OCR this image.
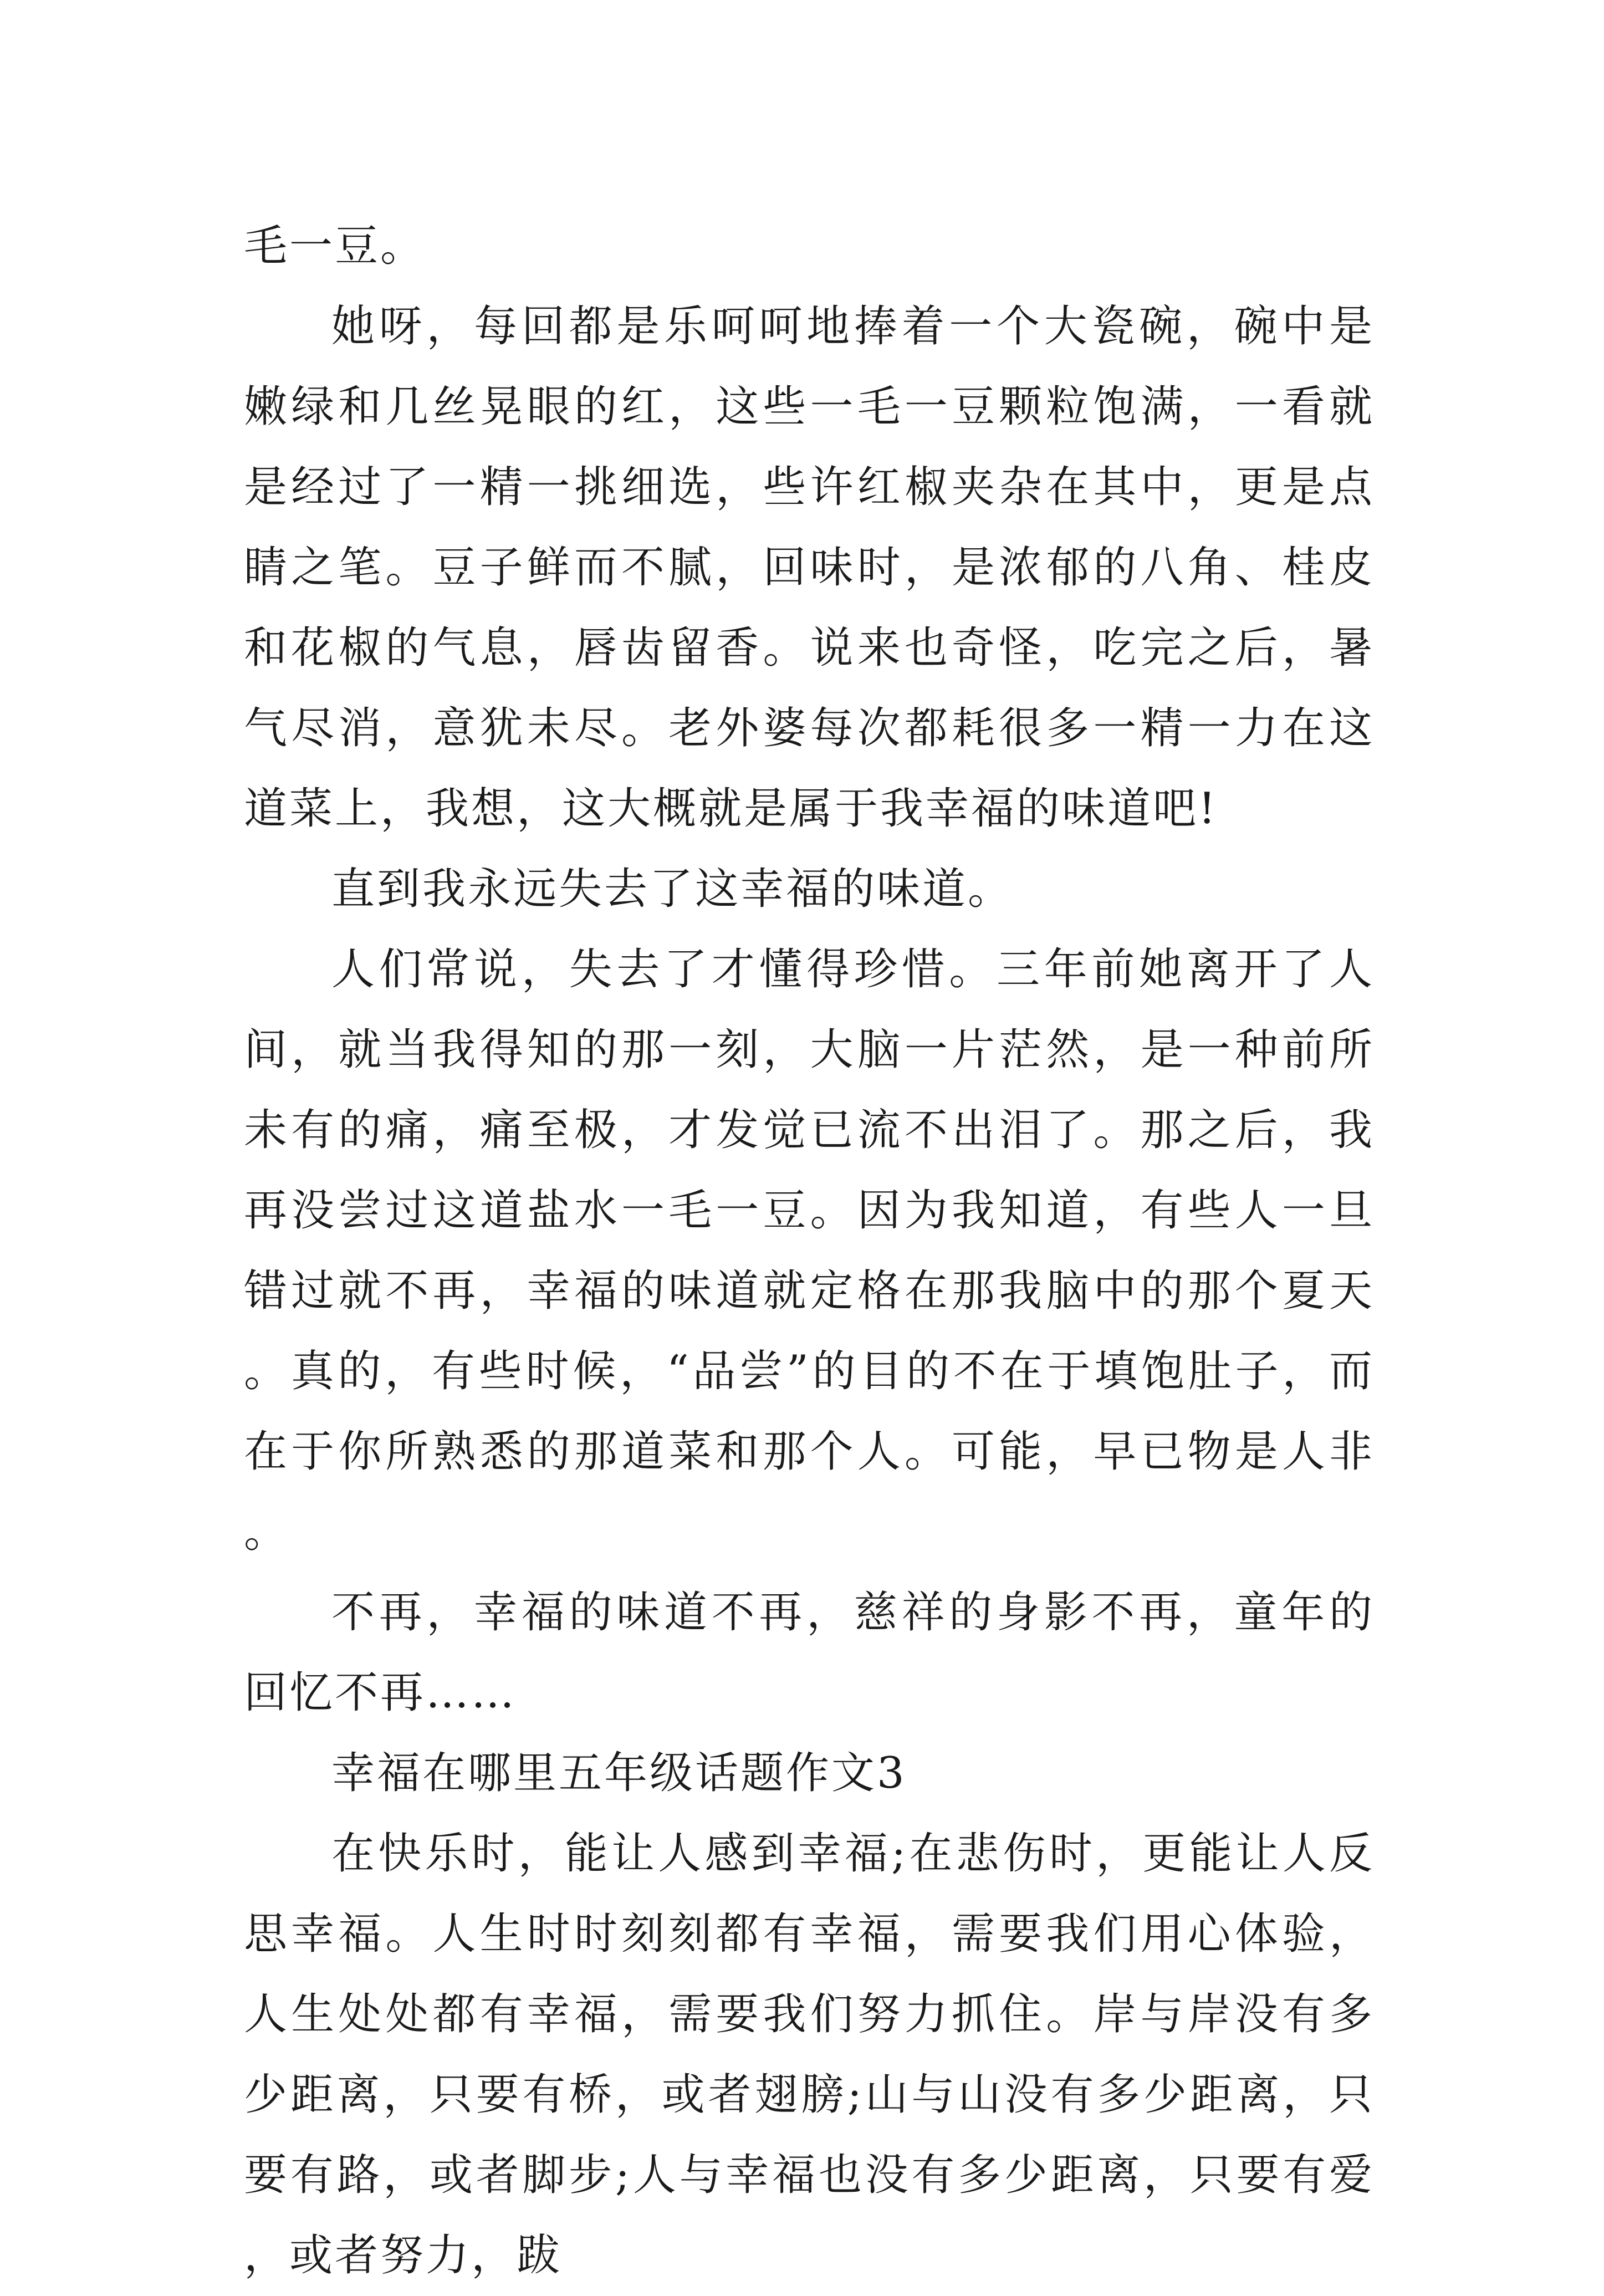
毛一豆。

她呀，每回都是乐呵呵地捧着一个大瓷碗，碗中是嫩绿和几丝晃眼的红，这些一毛一豆颗粒饱满，一看就是经过了一精一挑细选，些许红椒夹杂在其中，更是点睛之笔。豆子鲜而不腻，回味时，是浓郁的八角、桂皮和花椒的气息，唇齿留香。说来也奇怪，吃完之后，暑气尽消，意犹未尽。老外婆每次都耗很多一精一力在这道菜上，我想，这大概就是属于我幸福的味道吧!

直到我永远失去了这幸福的味道。

人们常说，失去了才懂得珍惜。三年前她离开了人间，就当我得知的那一刻，大脑一片茫然，是一种前所未有的痛，痛至极，才发觉已流不出泪了。那之后，我再没尝过这道盐水一毛一豆。因为我知道，有些人一旦错过就不再，幸福的味道就定格在那我脑中的那个夏天。真的，有些时候，“品尝”的目的不在于填饱肚子，而在于你所熟悉的那道菜和那个人。可能，早已物是人非。

不再，幸福的味道不再，慈祥的身影不再，童年的回忆不再……

幸福在哪里五年级话题作文3

在快乐时，能让人感到幸福;在悲伤时，更能让人反思幸福。人生时时刻刻都有幸福，需要我们用心体验，人生处处都有幸福，需要我们努力抓住。岸与岸没有多少距离，只要有桥，或者翅膀;山与山没有多少距离，只要有路，或者脚步;人与幸福也没有多少距离，只要有爱，或者努力，跋
